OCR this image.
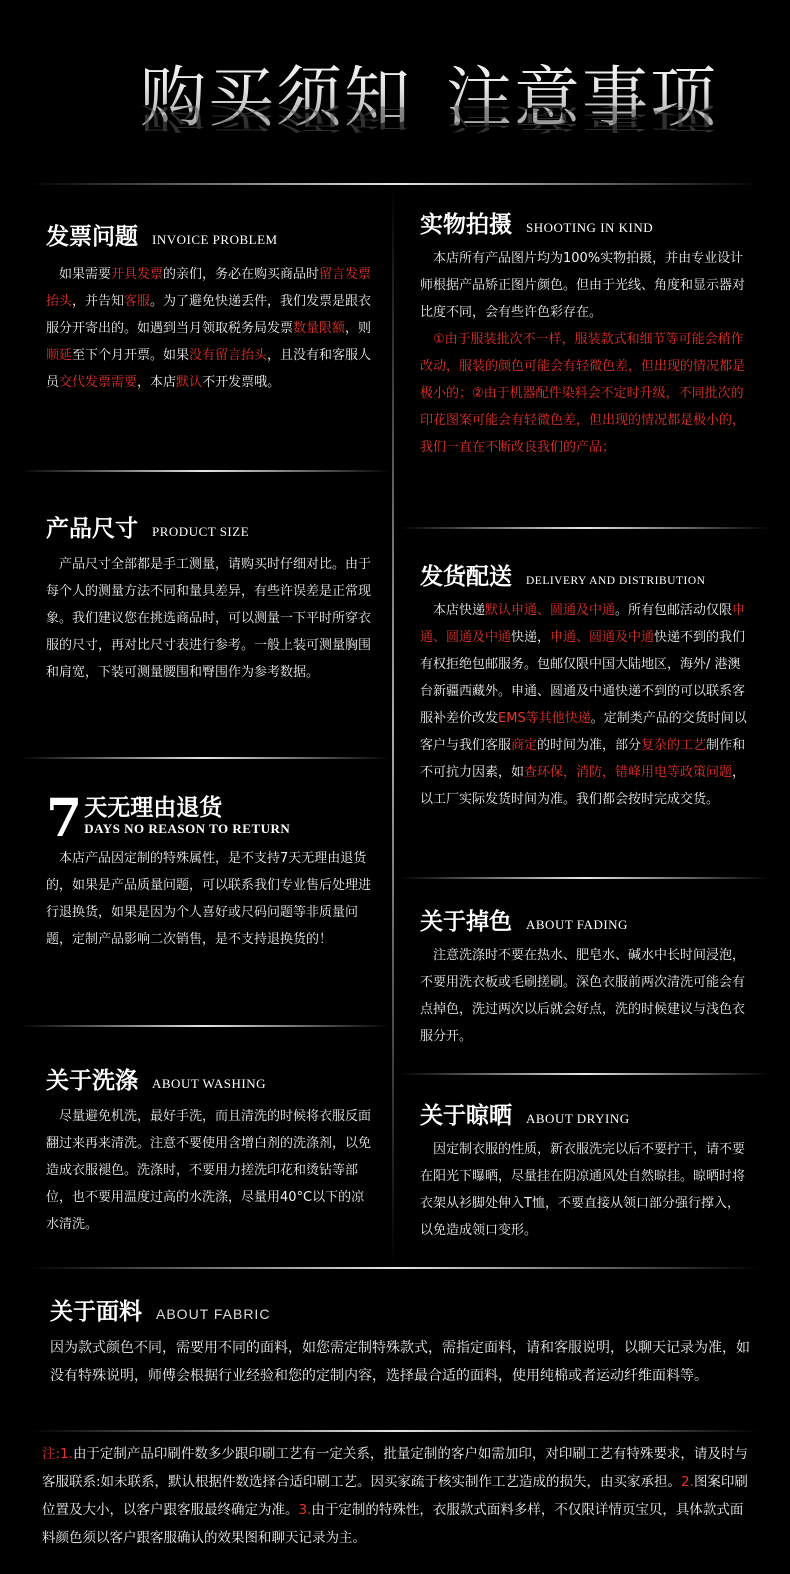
购买须知 注意事项
购买须知 注意事项
发票问题 INVOICE PROBLEM
如果需要开具发票的亲们，务必在购买商品时留言发票抬头，并告知客服。为了避免快递丢件，我们发票是跟衣服分开寄出的。如遇到当月领取税务局发票数量限额，则顺延至下个月开票。如果没有留言抬头，且没有和客服人员交代发票需要，本店默认不开发票哦。
产品尺寸 PRODUCT SIZE
产品尺寸全部都是手工测量，请购买时仔细对比。由于每个人的测量方法不同和量具差异，有些许误差是正常现象。我们建议您在挑选商品时，可以测量一下平时所穿衣服的尺寸，再对比尺寸表进行参考。一般上装可测量胸围和肩宽，下装可测量腰围和臀围作为参考数据。
7 天无理由退货
DAYS NO REASON TO RETURN
本店产品因定制的特殊属性，是不支持7天无理由退货的，如果是产品质量问题，可以联系我们专业售后处理进行退换货，如果是因为个人喜好或尺码问题等非质量问题，定制产品影响二次销售，是不支持退换货的！
关于洗涤 ABOUT WASHING
尽量避免机洗，最好手洗，而且清洗的时候将衣服反面翻过来再来清洗。注意不要使用含增白剂的洗涤剂，以免造成衣服褪色。洗涤时，不要用力搓洗印花和烫钻等部位，也不要用温度过高的水洗涤，尽量用40°C以下的凉水清洗。
实物拍摄 SHOOTING IN KIND
本店所有产品图片均为100%实物拍摄，并由专业设计师根据产品矫正图片颜色。但由于光线、角度和显示器对比度不同，会有些许色彩存在。
①由于服装批次不一样，服装款式和细节等可能会稍作改动，服装的颜色可能会有轻微色差，但出现的情况都是极小的；②由于机器配件染料会不定时升级，不同批次的印花图案可能会有轻微色差，但出现的情况都是极小的，我们一直在不断改良我们的产品；
发货配送 DELIVERY AND DISTRIBUTION
本店快递默认申通、圆通及中通。所有包邮活动仅限申通、圆通及中通快递，申通、圆通及中通快递不到的我们有权拒绝包邮服务。包邮仅限中国大陆地区，海外/ 港澳台新疆西藏外。申通、圆通及中通快递不到的可以联系客服补差价改发EMS等其他快递。定制类产品的交货时间以客户与我们客服商定的时间为准，部分复杂的工艺制作和不可抗力因素，如查环保，消防，错峰用电等政策问题，以工厂实际发货时间为准。我们都会按时完成交货。
关于掉色 ABOUT FADING
注意洗涤时不要在热水、肥皂水、碱水中长时间浸泡，不要用洗衣板或毛刷搓刷。深色衣服前两次清洗可能会有点掉色，洗过两次以后就会好点，洗的时候建议与浅色衣服分开。
关于晾晒 ABOUT DRYING
因定制衣服的性质，新衣服洗完以后不要拧干，请不要在阳光下曝晒，尽量挂在阴凉通风处自然晾挂。晾晒时将衣架从衫脚处伸入T恤，不要直接从领口部分强行撑入，以免造成领口变形。
关于面料 ABOUT FABRIC
因为款式颜色不同，需要用不同的面料，如您需定制特殊款式，需指定面料，请和客服说明，以聊天记录为准，如没有特殊说明，师傅会根据行业经验和您的定制内容，选择最合适的面料，使用纯棉或者运动纤维面料等。
注:1.由于定制产品印刷件数多少跟印刷工艺有一定关系，批量定制的客户如需加印，对印刷工艺有特殊要求，请及时与客服联系:如未联系，默认根据件数选择合适印刷工艺。因买家疏于核实制作工艺造成的损失，由买家承担。2.图案印刷位置及大小，以客户跟客服最终确定为准。3.由于定制的特殊性，衣服款式面料多样，不仅限详情页宝贝，具体款式面料颜色须以客户跟客服确认的效果图和聊天记录为主。
